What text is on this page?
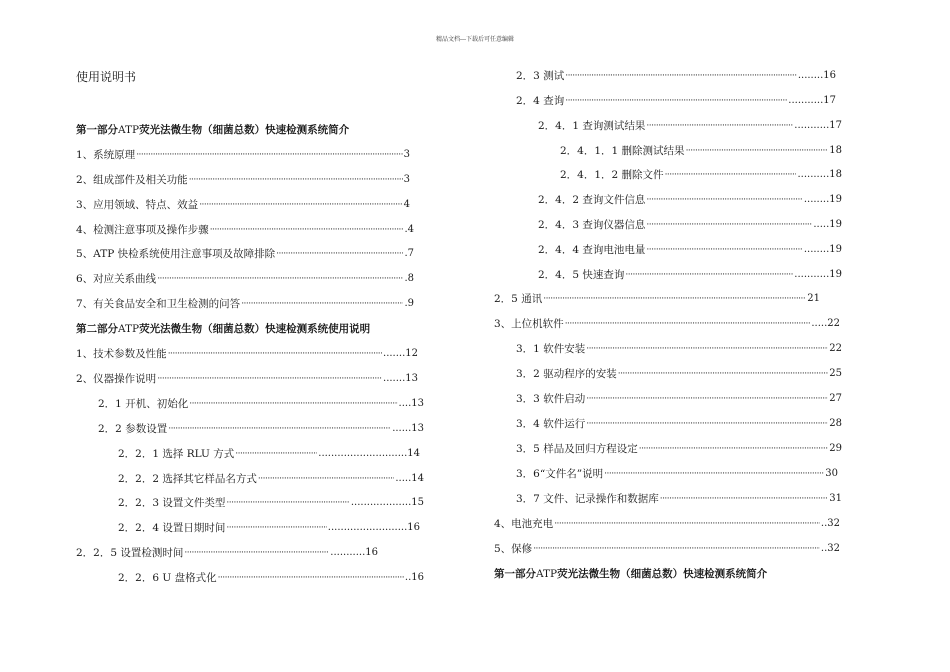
精品文档---下载后可任意编辑
使用说明书
第一部分ATP荧光法微生物（细菌总数）快速检测系统简介
1、系统原理 ·····	3
2、组成部件及相关功能 ·····	3
3、应用领域、特点、效益 ·····	4
4、检测注意事项及操作步骤 ·····	.4
5、ATP 快检系统使用注意事项及故障排除 ·····	.7
6、对应关系曲线 ·····	.8
7、有关食品安全和卫生检测的问答 ·····	.9
第二部分ATP荧光法微生物（细菌总数）快速检测系统使用说明
1、技术参数及性能 ·····	.......12
2、仪器操作说明 ·····	.......13
2．1 开机、初始化 ·····	....13
2．2 参数设置 ·····	......13
2．2．1 选择 RLU 方式 ·····	............................14
2．2．2 选择其它样品名方式 ·····	.....14
2．2．3 设置文件类型 ·····	...................15
2．2．4 设置日期时间 ·····	.........................16
2．2．5 设置检测时间 ·····	...........16
2．2．6 U 盘格式化 ·····	..16
2．3 测试 ·····	........16
2．4 查询 ·····	...........17
2．4．1 查询测试结果 ·····	...........17
2．4．1．1 删除测试结果 ·····	18
2．4．1．2 删除文件 ·····	..........18
2．4．2 查询文件信息 ·····	........19
2．4．3 查询仪器信息 ·····	.....19
2．4．4 查询电池电量 ·····	........19
2．4．5 快速查询 ·····	...........19
2．5 通讯 ·····	21
3、上位机软件 ·····	.....22
3．1 软件安装 ·····	22
3．2 驱动程序的安装 ·····	25
3．3 软件启动 ·····	27
3．4 软件运行 ·····	28
3．5 样品及回归方程设定 ·····	29
3．6“文件名”说明 ·····	30
3．7 文件、记录操作和数据库 ·····	31
4、电池充电 ·····	..32
5、保修 ·····	..32
第一部分ATP荧光法微生物（细菌总数）快速检测系统简介
